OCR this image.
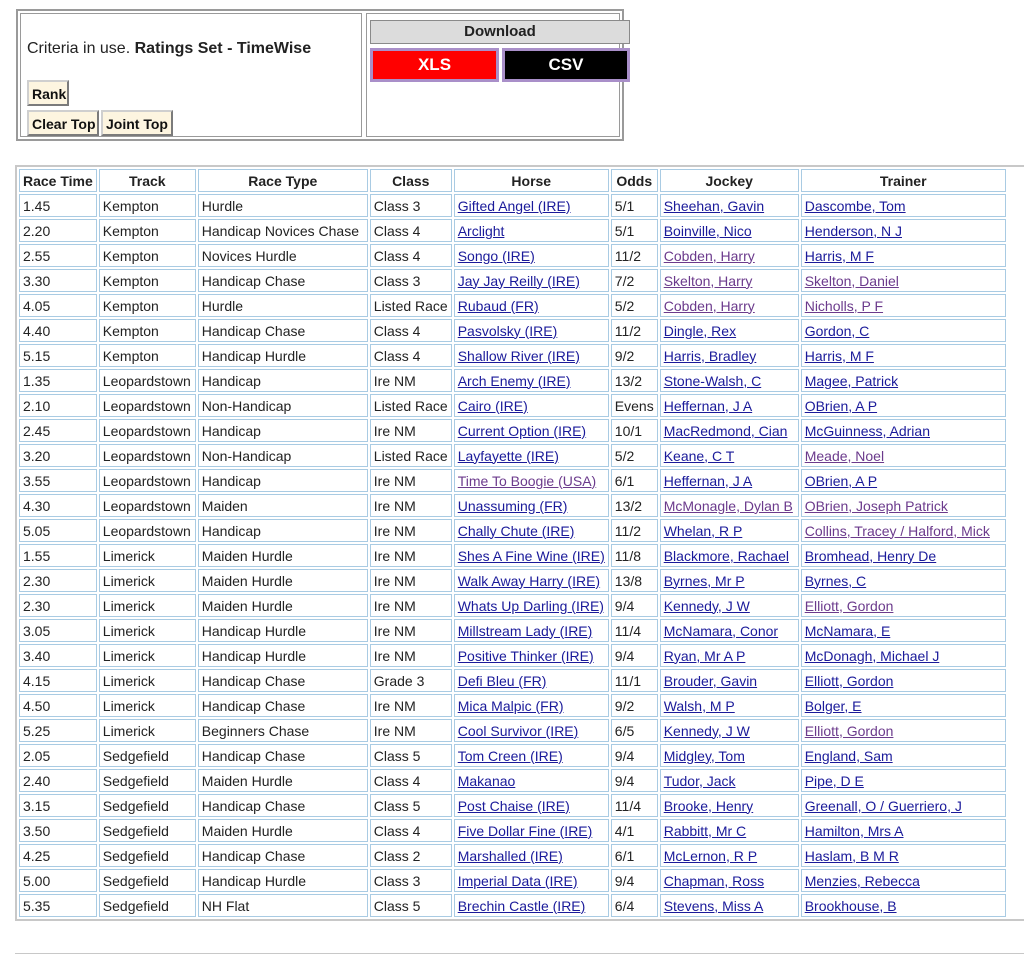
Criteria in use. Ratings Set - TimeWise
Rank
Clear Top Joint Top
Download
XLS	CSV
Race Time	Track	Race Type	Class	Horse	Odds	Jockey	Trainer
1.45	Kempton	Hurdle	Class 3	Gifted Angel (IRE)	5/1	Sheehan, Gavin	Dascombe, Tom
2.20	Kempton	Handicap Novices Chase	Class 4	Arclight	5/1	Boinville, Nico	Henderson, N J
2.55	Kempton	Novices Hurdle	Class 4	Songo (IRE)	11/2	Cobden, Harry	Harris, M F
3.30	Kempton	Handicap Chase	Class 3	Jay Jay Reilly (IRE)	7/2	Skelton, Harry	Skelton, Daniel
4.05	Kempton	Hurdle	Listed Race	Rubaud (FR)	5/2	Cobden, Harry	Nicholls, P F
4.40	Kempton	Handicap Chase	Class 4	Pasvolsky (IRE)	11/2	Dingle, Rex	Gordon, C
5.15	Kempton	Handicap Hurdle	Class 4	Shallow River (IRE)	9/2	Harris, Bradley	Harris, M F
1.35	Leopardstown	Handicap	Ire NM	Arch Enemy (IRE)	13/2	Stone-Walsh, C	Magee, Patrick
2.10	Leopardstown	Non-Handicap	Listed Race	Cairo (IRE)	Evens	Heffernan, J A	OBrien, A P
2.45	Leopardstown	Handicap	Ire NM	Current Option (IRE)	10/1	MacRedmond, Cian	McGuinness, Adrian
3.20	Leopardstown	Non-Handicap	Listed Race	Layfayette (IRE)	5/2	Keane, C T	Meade, Noel
3.55	Leopardstown	Handicap	Ire NM	Time To Boogie (USA)	6/1	Heffernan, J A	OBrien, A P
4.30	Leopardstown	Maiden	Ire NM	Unassuming (FR)	13/2	McMonagle, Dylan B	OBrien, Joseph Patrick
5.05	Leopardstown	Handicap	Ire NM	Chally Chute (IRE)	11/2	Whelan, R P	Collins, Tracey / Halford, Mick
1.55	Limerick	Maiden Hurdle	Ire NM	Shes A Fine Wine (IRE)	11/8	Blackmore, Rachael	Bromhead, Henry De
2.30	Limerick	Maiden Hurdle	Ire NM	Walk Away Harry (IRE)	13/8	Byrnes, Mr P	Byrnes, C
2.30	Limerick	Maiden Hurdle	Ire NM	Whats Up Darling (IRE)	9/4	Kennedy, J W	Elliott, Gordon
3.05	Limerick	Handicap Hurdle	Ire NM	Millstream Lady (IRE)	11/4	McNamara, Conor	McNamara, E
3.40	Limerick	Handicap Hurdle	Ire NM	Positive Thinker (IRE)	9/4	Ryan, Mr A P	McDonagh, Michael J
4.15	Limerick	Handicap Chase	Grade 3	Defi Bleu (FR)	11/1	Brouder, Gavin	Elliott, Gordon
4.50	Limerick	Handicap Chase	Ire NM	Mica Malpic (FR)	9/2	Walsh, M P	Bolger, E
5.25	Limerick	Beginners Chase	Ire NM	Cool Survivor (IRE)	6/5	Kennedy, J W	Elliott, Gordon
2.05	Sedgefield	Handicap Chase	Class 5	Tom Creen (IRE)	9/4	Midgley, Tom	England, Sam
2.40	Sedgefield	Maiden Hurdle	Class 4	Makanao	9/4	Tudor, Jack	Pipe, D E
3.15	Sedgefield	Handicap Chase	Class 5	Post Chaise (IRE)	11/4	Brooke, Henry	Greenall, O / Guerriero, J
3.50	Sedgefield	Maiden Hurdle	Class 4	Five Dollar Fine (IRE)	4/1	Rabbitt, Mr C	Hamilton, Mrs A
4.25	Sedgefield	Handicap Chase	Class 2	Marshalled (IRE)	6/1	McLernon, R P	Haslam, B M R
5.00	Sedgefield	Handicap Hurdle	Class 3	Imperial Data (IRE)	9/4	Chapman, Ross	Menzies, Rebecca
5.35	Sedgefield	NH Flat	Class 5	Brechin Castle (IRE)	6/4	Stevens, Miss A	Brookhouse, B
